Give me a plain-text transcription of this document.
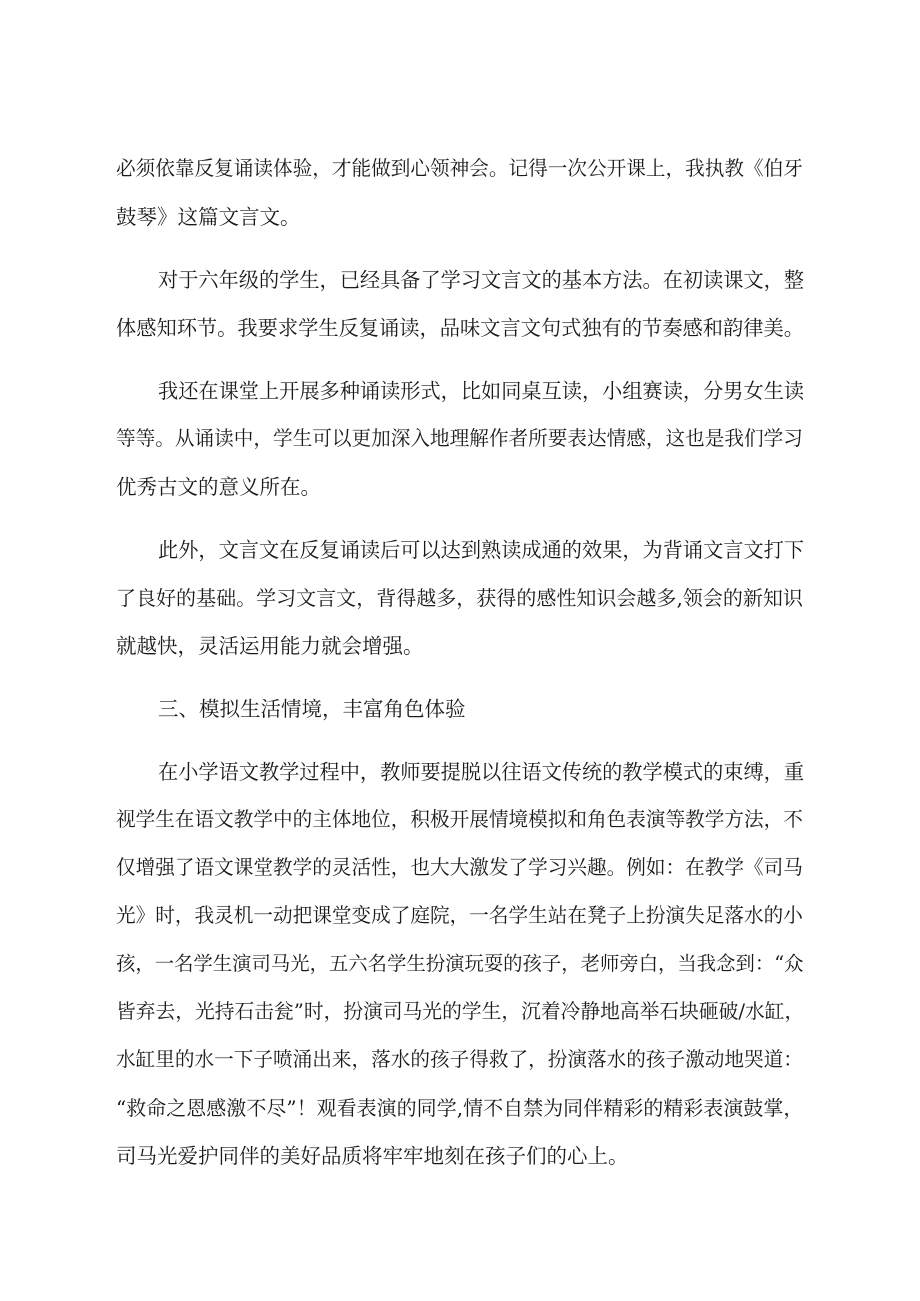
必须依靠反复诵读体验，才能做到心领神会。记得一次公开课上，我执教《伯牙

鼓琴》这篇文言文。

对于六年级的学生，已经具备了学习文言文的基本方法。在初读课文，整

体感知环节。我要求学生反复诵读，品味文言文句式独有的节奏感和韵律美。

我还在课堂上开展多种诵读形式，比如同桌互读，小组赛读，分男女生读

等等。从诵读中，学生可以更加深入地理解作者所要表达情感，这也是我们学习

优秀古文的意义所在。

此外，文言文在反复诵读后可以达到熟读成通的效果，为背诵文言文打下

了良好的基础。学习文言文，背得越多，获得的感性知识会越多,领会的新知识

就越快，灵活运用能力就会增强。

三、模拟生活情境，丰富角色体验

在小学语文教学过程中，教师要提脱以往语文传统的教学模式的束缚，重

视学生在语文教学中的主体地位，积极开展情境模拟和角色表演等教学方法，不

仅增强了语文课堂教学的灵活性，也大大激发了学习兴趣。例如：在教学《司马

光》时，我灵机一动把课堂变成了庭院，一名学生站在凳子上扮演失足落水的小

孩，一名学生演司马光，五六名学生扮演玩耍的孩子，老师旁白，当我念到：“众

皆弃去，光持石击瓮”时，扮演司马光的学生，沉着冷静地高举石块砸破/水缸，

水缸里的水一下子喷涌出来，落水的孩子得救了，扮演落水的孩子激动地哭道：

“救命之恩感激不尽”！观看表演的同学,情不自禁为同伴精彩的精彩表演鼓掌，

司马光爱护同伴的美好品质将牢牢地刻在孩子们的心上。
